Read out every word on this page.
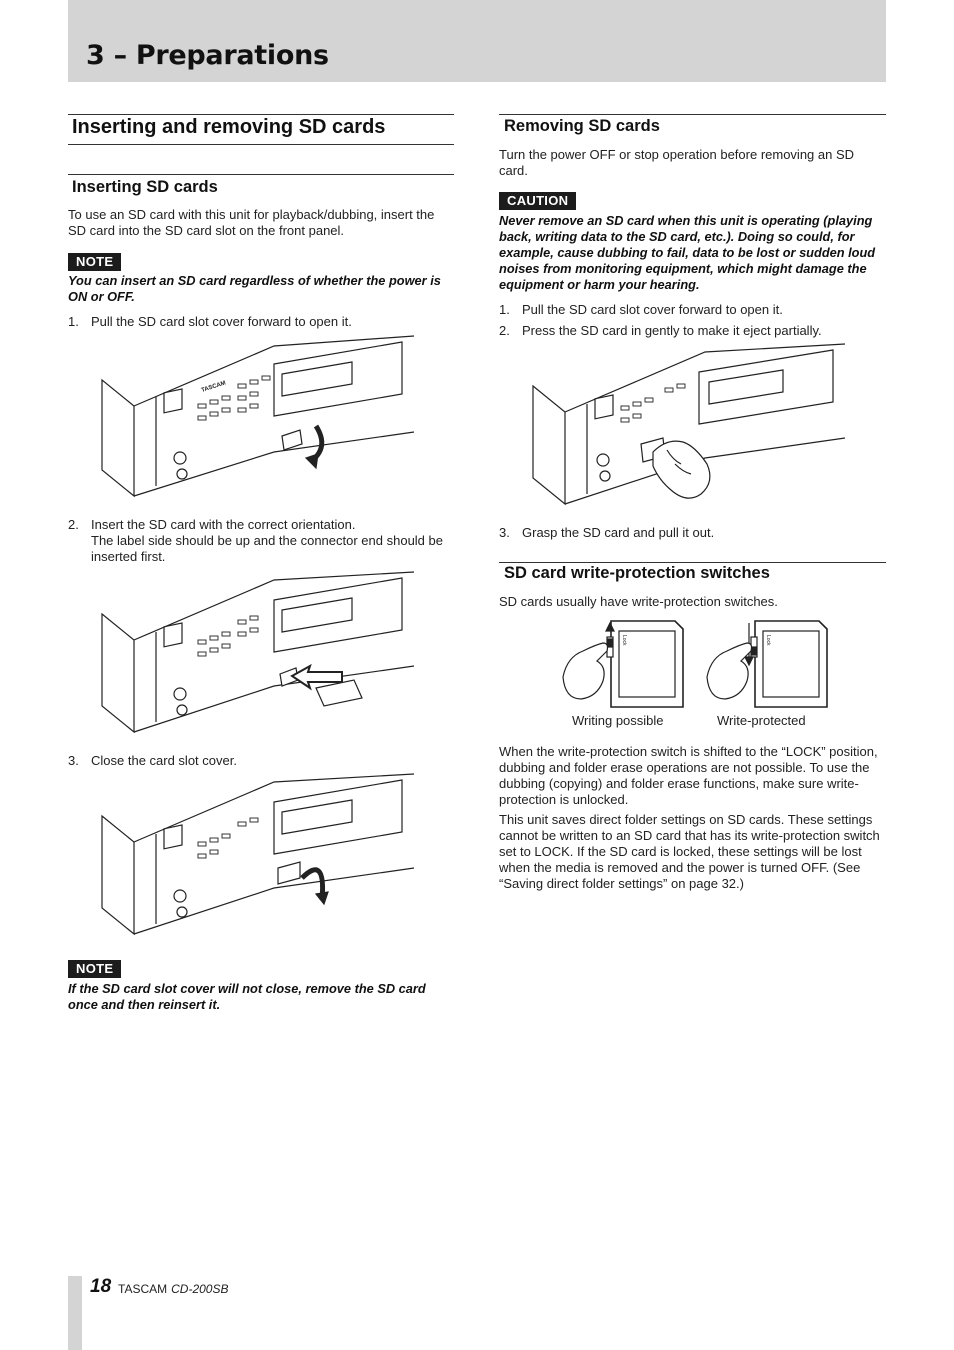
3 – Preparations
Inserting and removing SD cards
Inserting SD cards

To use an SD card with this unit for playback/dubbing, insert the SD card into the SD card slot on the front panel.

NOTE

You can insert an SD card regardless of whether the power is ON or OFF.

1. Pull the SD card slot cover forward to open it.
TASCAM
2. Insert the SD card with the correct orientation.

The label side should be up and the connector end should be inserted first.

3. Close the card slot cover.
NOTE

If the SD card slot cover will not close, remove the SD card once and then reinsert it.

Removing SD cards

Turn the power OFF or stop operation before removing an SD card.

CAUTION

Never remove an SD card when this unit is operating (playing back, writing data to the SD card, etc.). Doing so could, for example, cause dubbing to fail, data to be lost or sudden loud noises from monitoring equipment, which might damage the equipment or harm your hearing.

1. Pull the SD card slot cover forward to open it.
2. Press the SD card in gently to make it eject partially.
3. Grasp the SD card and pull it out.
SD card write-protection switches

SD cards usually have write-protection switches.

Lock	Lock
Writing possible	Write-protected

When the write-protection switch is shifted to the “LOCK” position, dubbing and folder erase operations are not possible. To use the dubbing (copying) and folder erase functions, make sure write-protection is unlocked.

This unit saves direct folder settings on SD cards. These settings cannot be written to an SD card that has its write-protection switch set to LOCK. If the SD card is locked, these settings will be lost when the media is removed and the power is turned OFF. (See “Saving direct folder settings” on page 32.)

18 TASCAM CD-200SB
